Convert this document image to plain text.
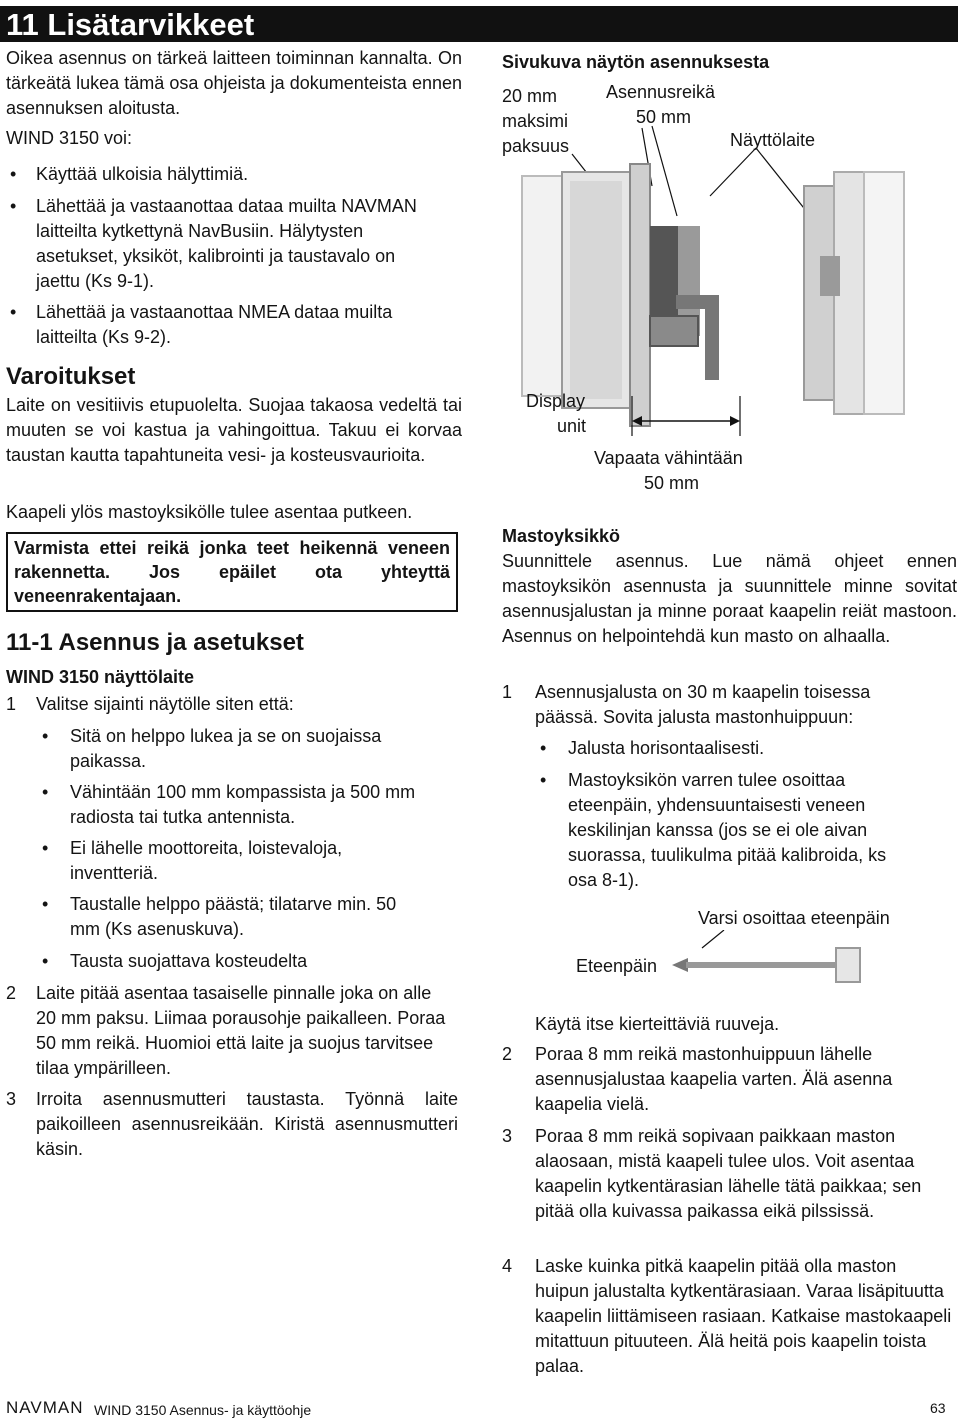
11 Lisätarvikkeet
Oikea asennus on tärkeä laitteen toiminnan kannalta. On tärkeätä lukea tämä osa ohjeista ja dokumenteista ennen asennuksen aloitusta.
WIND 3150 voi:
• Käyttää ulkoisia hälyttimiä.
• Lähettää ja vastaanottaa dataa muilta NAVMAN laitteilta kytkettynä NavBusiin. Hälytysten asetukset, yksiköt, kalibrointi ja taustavalo on jaettu (Ks 9-1).
• Lähettää ja vastaanottaa NMEA dataa muilta laitteilta (Ks 9-2).
Varoitukset
Laite on vesitiivis etupuolelta. Suojaa takaosa vedeltä tai muuten se voi kastua ja vahingoittua. Takuu ei korvaa taustan kautta tapahtuneita vesi- ja kosteusvaurioita.
Kaapeli ylös mastoyksikölle tulee asentaa putkeen.
Varmista ettei reikä jonka teet heikennä veneen rakennetta. Jos epäilet ota yhteyttä veneenrakentajaan.
11-1 Asennus ja asetukset
WIND 3150 näyttölaite
1 Valitse sijainti näytölle siten että:
• Sitä on helppo lukea ja se on suojaissa paikassa.
• Vähintään 100 mm kompassista ja 500 mm radiosta tai tutka antennista.
• Ei lähelle moottoreita, loistevaloja, inventteriä.
• Taustalle helppo päästä; tilatarve min. 50 mm (Ks asenuskuva).
• Tausta suojattava kosteudelta
2 Laite pitää asentaa tasaiselle pinnalle joka on alle 20 mm paksu. Liimaa porausohje paikalleen. Poraa 50 mm reikä. Huomioi että laite ja suojus tarvitsee tilaa ympärilleen.
3 Irroita asennusmutteri taustasta. Työnnä laite paikoilleen asennusreikään. Kiristä asennusmutteri käsin.
Sivukuva näytön asennuksesta
20 mm
maksimi
paksuus
Asennusreikä
50 mm
Näyttölaite
Display
unit
Vapaata vähintään
50 mm
Mastoyksikkö
Suunnittele asennus. Lue nämä ohjeet ennen mastoyksikön asennusta ja suunnittele minne sovitat asennusjalustan ja minne poraat kaapelin reiät mastoon. Asennus on helpointehdä kun masto on alhaalla.
1 Asennusjalusta on 30 m kaapelin toisessa päässä. Sovita jalusta mastonhuippuun:
• Jalusta horisontaalisesti.
• Mastoyksikön varren tulee osoittaa eteenpäin, yhdensuuntaisesti veneen keskilinjan kanssa (jos se ei ole aivan suorassa, tuulikulma pitää kalibroida, ks osa 8-1).
Varsi osoittaa eteenpäin
Eteenpäin
Käytä itse kierteittäviä ruuveja.
2 Poraa 8 mm reikä mastonhuippuun lähelle asennusjalustaa kaapelia varten. Älä asenna kaapelia vielä.
3 Poraa 8 mm reikä sopivaan paikkaan maston alaosaan, mistä kaapeli tulee ulos. Voit asentaa kaapelin kytkentärasian lähelle tätä paikkaa; sen pitää olla kuivassa paikassa eikä pilssissä.
4 Laske kuinka pitkä kaapelin pitää olla maston huipun jalustalta kytkentärasiaan. Varaa lisäpituutta kaapelin liittämiseen rasiaan. Katkaise mastokaapeli mitattuun pituuteen. Älä heitä pois kaapelin toista palaa.
NAVMAN WIND 3150 Asennus- ja käyttöohje	63
